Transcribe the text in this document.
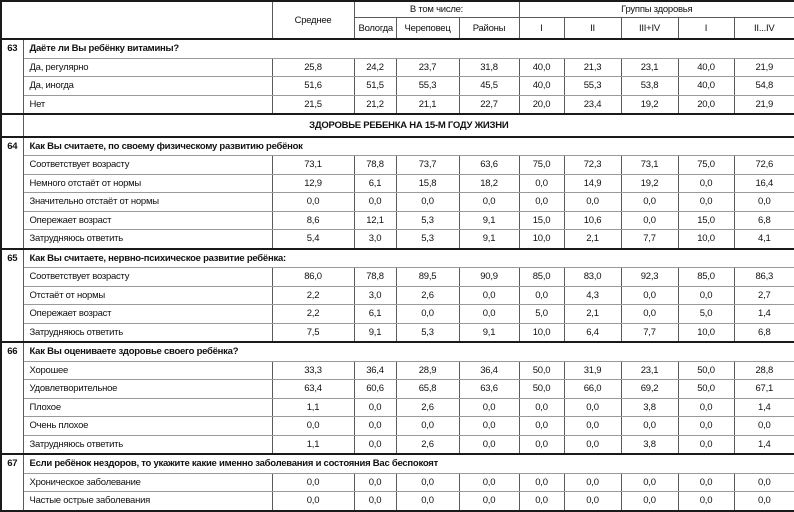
		Среднее	В том числе:			Группы здоровья				
			Вологда	Череповец	Районы	I	II	III+IV	I	II...IV
63	Даёте ли Вы ребёнку витамины?									
	Да, регулярно	25,8	24,2	23,7	31,8	40,0	21,3	23,1	40,0	21,9
	Да, иногда	51,6	51,5	55,3	45,5	40,0	55,3	53,8	40,0	54,8
	Нет	21,5	21,2	21,1	22,7	20,0	23,4	19,2	20,0	21,9
	ЗДОРОВЬЕ РЕБЕНКА НА 15-М ГОДУ ЖИЗНИ									
64	Как Вы считаете, по своему физическому развитию ребёнок									
	Соответствует возрасту	73,1	78,8	73,7	63,6	75,0	72,3	73,1	75,0	72,6
	Немного отстаёт от нормы	12,9	6,1	15,8	18,2	0,0	14,9	19,2	0,0	16,4
	Значительно отстаёт от нормы	0,0	0,0	0,0	0,0	0,0	0,0	0,0	0,0	0,0
	Опережает возраст	8,6	12,1	5,3	9,1	15,0	10,6	0,0	15,0	6,8
	Затрудняюсь ответить	5,4	3,0	5,3	9,1	10,0	2,1	7,7	10,0	4,1
65	Как Вы считаете, нервно-психическое развитие ребёнка:									
	Соответствует возрасту	86,0	78,8	89,5	90,9	85,0	83,0	92,3	85,0	86,3
	Отстаёт от нормы	2,2	3,0	2,6	0,0	0,0	4,3	0,0	0,0	2,7
	Опережает возраст	2,2	6,1	0,0	0,0	5,0	2,1	0,0	5,0	1,4
	Затрудняюсь ответить	7,5	9,1	5,3	9,1	10,0	6,4	7,7	10,0	6,8
66	Как Вы оцениваете здоровье своего ребёнка?									
	Хорошее	33,3	36,4	28,9	36,4	50,0	31,9	23,1	50,0	28,8
	Удовлетворительное	63,4	60,6	65,8	63,6	50,0	66,0	69,2	50,0	67,1
	Плохое	1,1	0,0	2,6	0,0	0,0	0,0	3,8	0,0	1,4
	Очень плохое	0,0	0,0	0,0	0,0	0,0	0,0	0,0	0,0	0,0
	Затрудняюсь ответить	1,1	0,0	2,6	0,0	0,0	0,0	3,8	0,0	1,4
67	Если ребёнок нездоров, то укажите какие именно заболевания и состояния Вас беспокоят									
	Хроническое заболевание	0,0	0,0	0,0	0,0	0,0	0,0	0,0	0,0	0,0
	Частые острые заболевания	0,0	0,0	0,0	0,0	0,0	0,0	0,0	0,0	0,0
